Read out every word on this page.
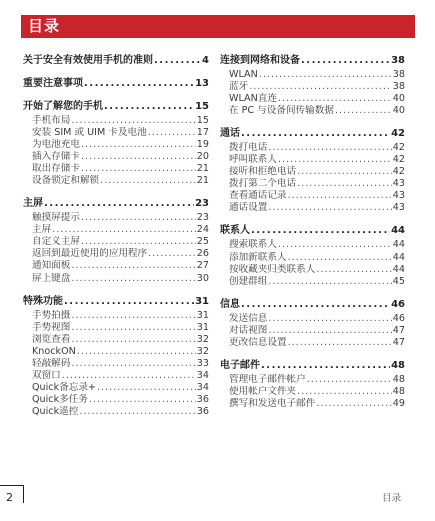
目录
关于安全有效使用手机的准则 .....	4
重要注意事项 .....	13
开始了解您的手机 .....	15
手机布局 .....	15
安装 SIM 或 UIM 卡及电池 .....	17
为电池充电 .....	19
插入存储卡 .....	20
取出存储卡 .....	21
设备锁定和解锁 .....	21
主屏 .....	23
触摸屏提示 .....	23
主屏 .....	24
自定义主屏 .....	25
返回到最近使用的应用程序 .....	26
通知面板 .....	27
屏上键盘 .....	30
特殊功能 .....	31
手势拍摄 .....	31
手势视图 .....	31
浏览查看 .....	32
KnockON .....	32
轻敲解码 .....	33
双窗口 .....	34
Quick备忘录+ .....	34
Quick多任务 .....	36
Quick遥控 .....	36
连接到网络和设备 .....	38
WLAN .....	38
蓝牙 .....	38
WLAN直连 .....	40
在 PC 与设备间传输数据 .....	40
通话 .....	42
拨打电话 .....	42
呼叫联系人 .....	42
接听和拒绝电话 .....	42
拨打第二个电话 .....	43
查看通话记录 .....	43
通话设置 .....	43
联系人 .....	44
搜索联系人 .....	44
添加新联系人 .....	44
按收藏夹归类联系人 .....	44
创建群组 .....	45
信息 .....	46
发送信息 .....	46
对话视图 .....	47
更改信息设置 .....	47
电子邮件 .....	48
管理电子邮件帐户 .....	48
使用帐户文件夹 .....	48
撰写和发送电子邮件 .....	49
2	目录
